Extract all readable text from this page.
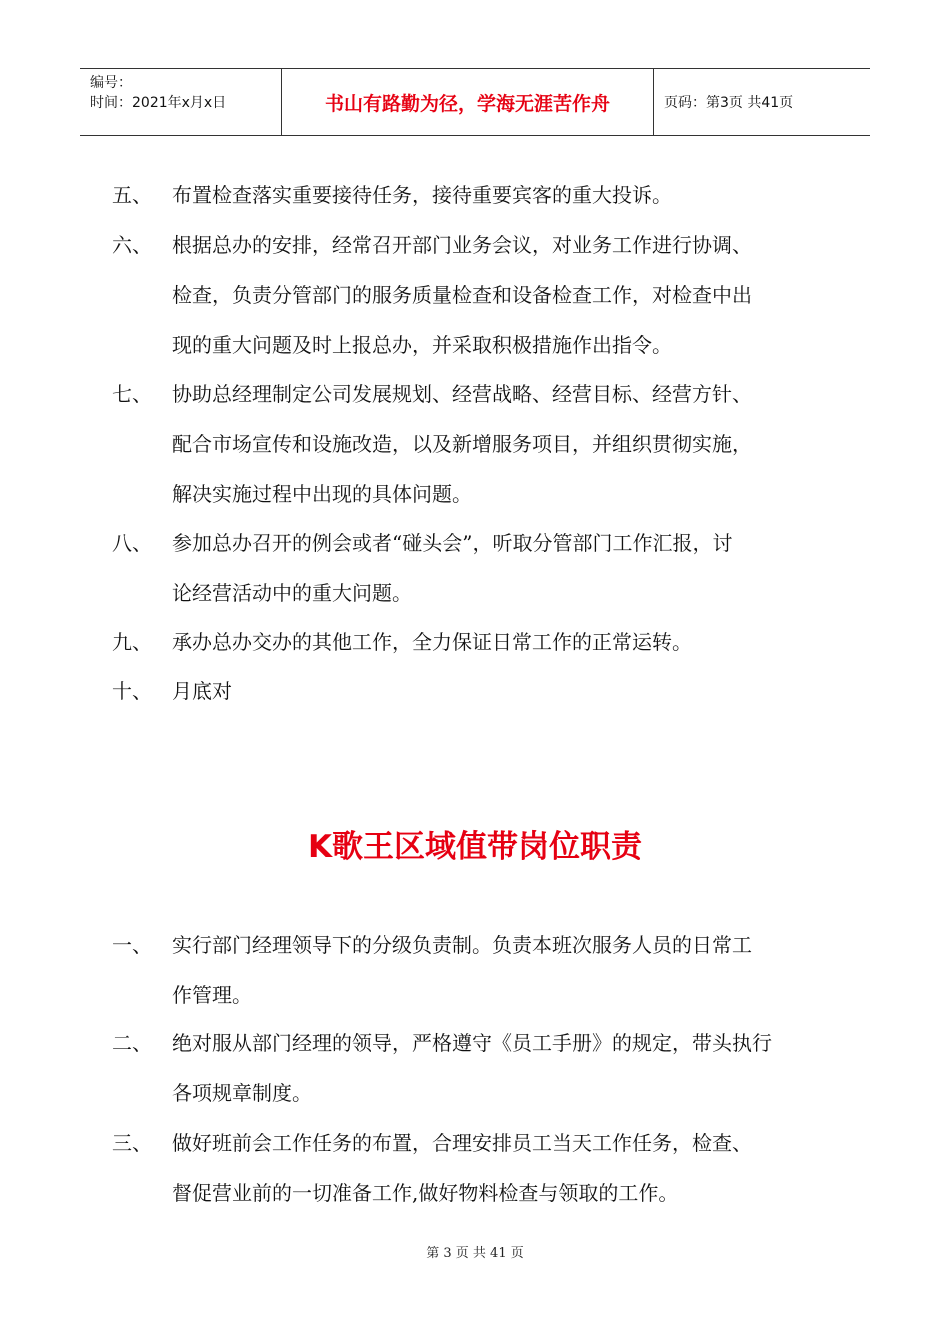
编号：
时间：2021年x月x日	书山有路勤为径，学海无涯苦作舟	页码：第3页 共41页
五、	布置检查落实重要接待任务，接待重要宾客的重大投诉。
六、	根据总办的安排，经常召开部门业务会议，对业务工作进行协调、
检查，负责分管部门的服务质量检查和设备检查工作，对检查中出
现的重大问题及时上报总办，并采取积极措施作出指令。
七、	协助总经理制定公司发展规划、经营战略、经营目标、经营方针、
配合市场宣传和设施改造，以及新增服务项目，并组织贯彻实施，
解决实施过程中出现的具体问题。
八、	参加总办召开的例会或者“碰头会”，听取分管部门工作汇报，讨
论经营活动中的重大问题。
九、	承办总办交办的其他工作，全力保证日常工作的正常运转。
十、	月底对
K歌王区域值带岗位职责
一、	实行部门经理领导下的分级负责制。负责本班次服务人员的日常工
作管理。
二、	绝对服从部门经理的领导，严格遵守《员工手册》的规定，带头执行
各项规章制度。
三、	做好班前会工作任务的布置，合理安排员工当天工作任务，检查、
督促营业前的一切准备工作,做好物料检查与领取的工作。
第 3 页 共 41 页
